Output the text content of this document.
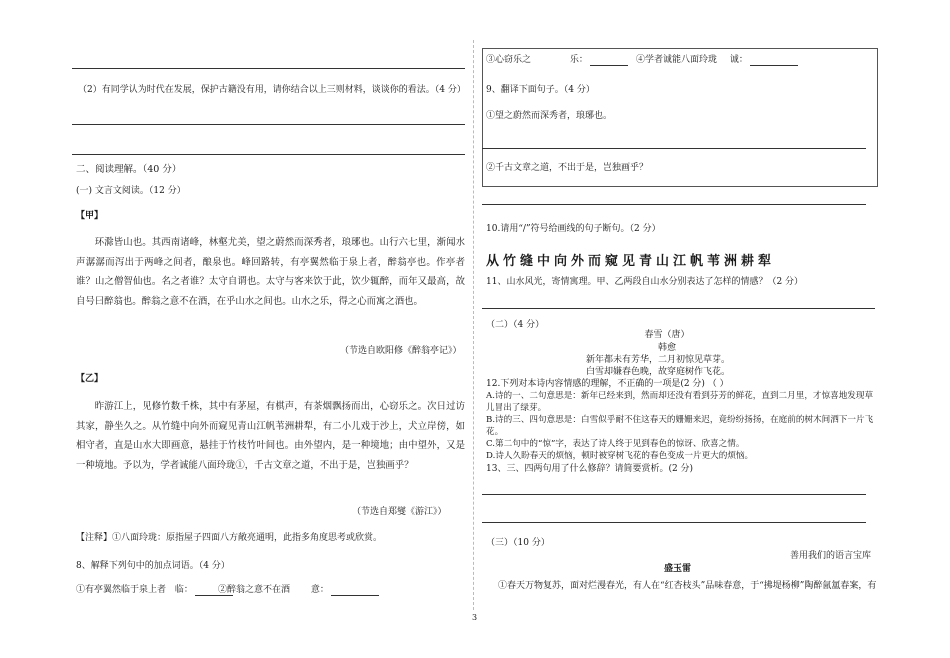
（2）有同学认为时代在发展，保护古籍没有用，请你结合以上三则材料，谈谈你的看法。（4 分）
二、阅读理解。（40 分）
(一) 文言文阅读。（12 分）
【甲】
环滁皆山也。其西南诸峰，林壑尤美，望之蔚然而深秀者，琅琊也。山行六七里，渐闻水声潺潺而泻出于两峰之间者，酿泉也。峰回路转，有亭翼然临于泉上者，醉翁亭也。作亭者谁？山之僧智仙也。名之者谁？太守自谓也。太守与客来饮于此，饮少辄醉，而年又最高，故自号曰醉翁也。醉翁之意不在酒，在乎山水之间也。山水之乐，得之心而寓之酒也。
（节选自欧阳修《醉翁亭记》）
【乙】
昨游江上，见修竹数千株，其中有茅屋，有棋声，有茶烟飘扬而出，心窃乐之。次日过访其家，静坐久之。从竹缝中向外而窥见青山江帆苇洲耕犁，有二小儿戏于沙上，犬立岸傍，如相守者，直是山水大即画意，悬挂于竹枝竹叶间也。由外望内，是一种境地；由中望外，又是一种境地。予以为，学者诚能八面玲珑①，千古文章之道，不出于是，岂独画乎？
（节选自郑燮《游江》）
【注释】①八面玲珑：原指屋子四面八方敞亮通明，此指多角度思考或欣赏。
8、解释下列句中的加点词语。（4 分）
①有亭翼然临于泉上者 临：	②醉翁之意不在酒 意：
③心窃乐之	乐：	④学者诚能八面玲珑 诚：
9、翻译下面句子。（4 分）
①望之蔚然而深秀者，琅琊也。
②千古文章之道，不出于是，岂独画乎？
10.请用“/”符号给画线的句子断句。（2 分）
从竹缝中向外而窥见青山江帆苇洲耕犁
11、山水风光，寄情寓理。甲、乙两段自山水分别表达了怎样的情感？（2 分）
（二）（4 分）
春雪（唐）
韩愈
新年都未有芳华，二月初惊见草芽。
白雪却嫌春色晚，故穿庭树作飞花。
12.下列对本诗内容情感的理解，不正确的一项是(2 分) （ ）
A.诗的一、二句意思是：新年已经来到，然而却还没有看到芬芳的鲜花，直到二月里，才惊喜地发现草儿冒出了绿芽。
B.诗的三、四句意思是：白雪似乎耐不住这春天的姗姗来迟，竟纷纷扬扬，在庭前的树木间洒下一片飞花。
C.第二句中的“惊”字，表达了诗人终于见到春色的惊讶、欣喜之情。
D.诗人久盼春天的烦恼，顿时被穿树飞花的春色变成一片更大的烦恼。
13、三、四两句用了什么修辞？请简要赏析。(2 分)
（三）（10 分）
善用我们的语言宝库
盛玉雷
①春天万物复苏，面对烂漫春光，有人在“红杏枝头”品味春意，于“拂堤杨柳”陶醉氤氲春案，有
3
